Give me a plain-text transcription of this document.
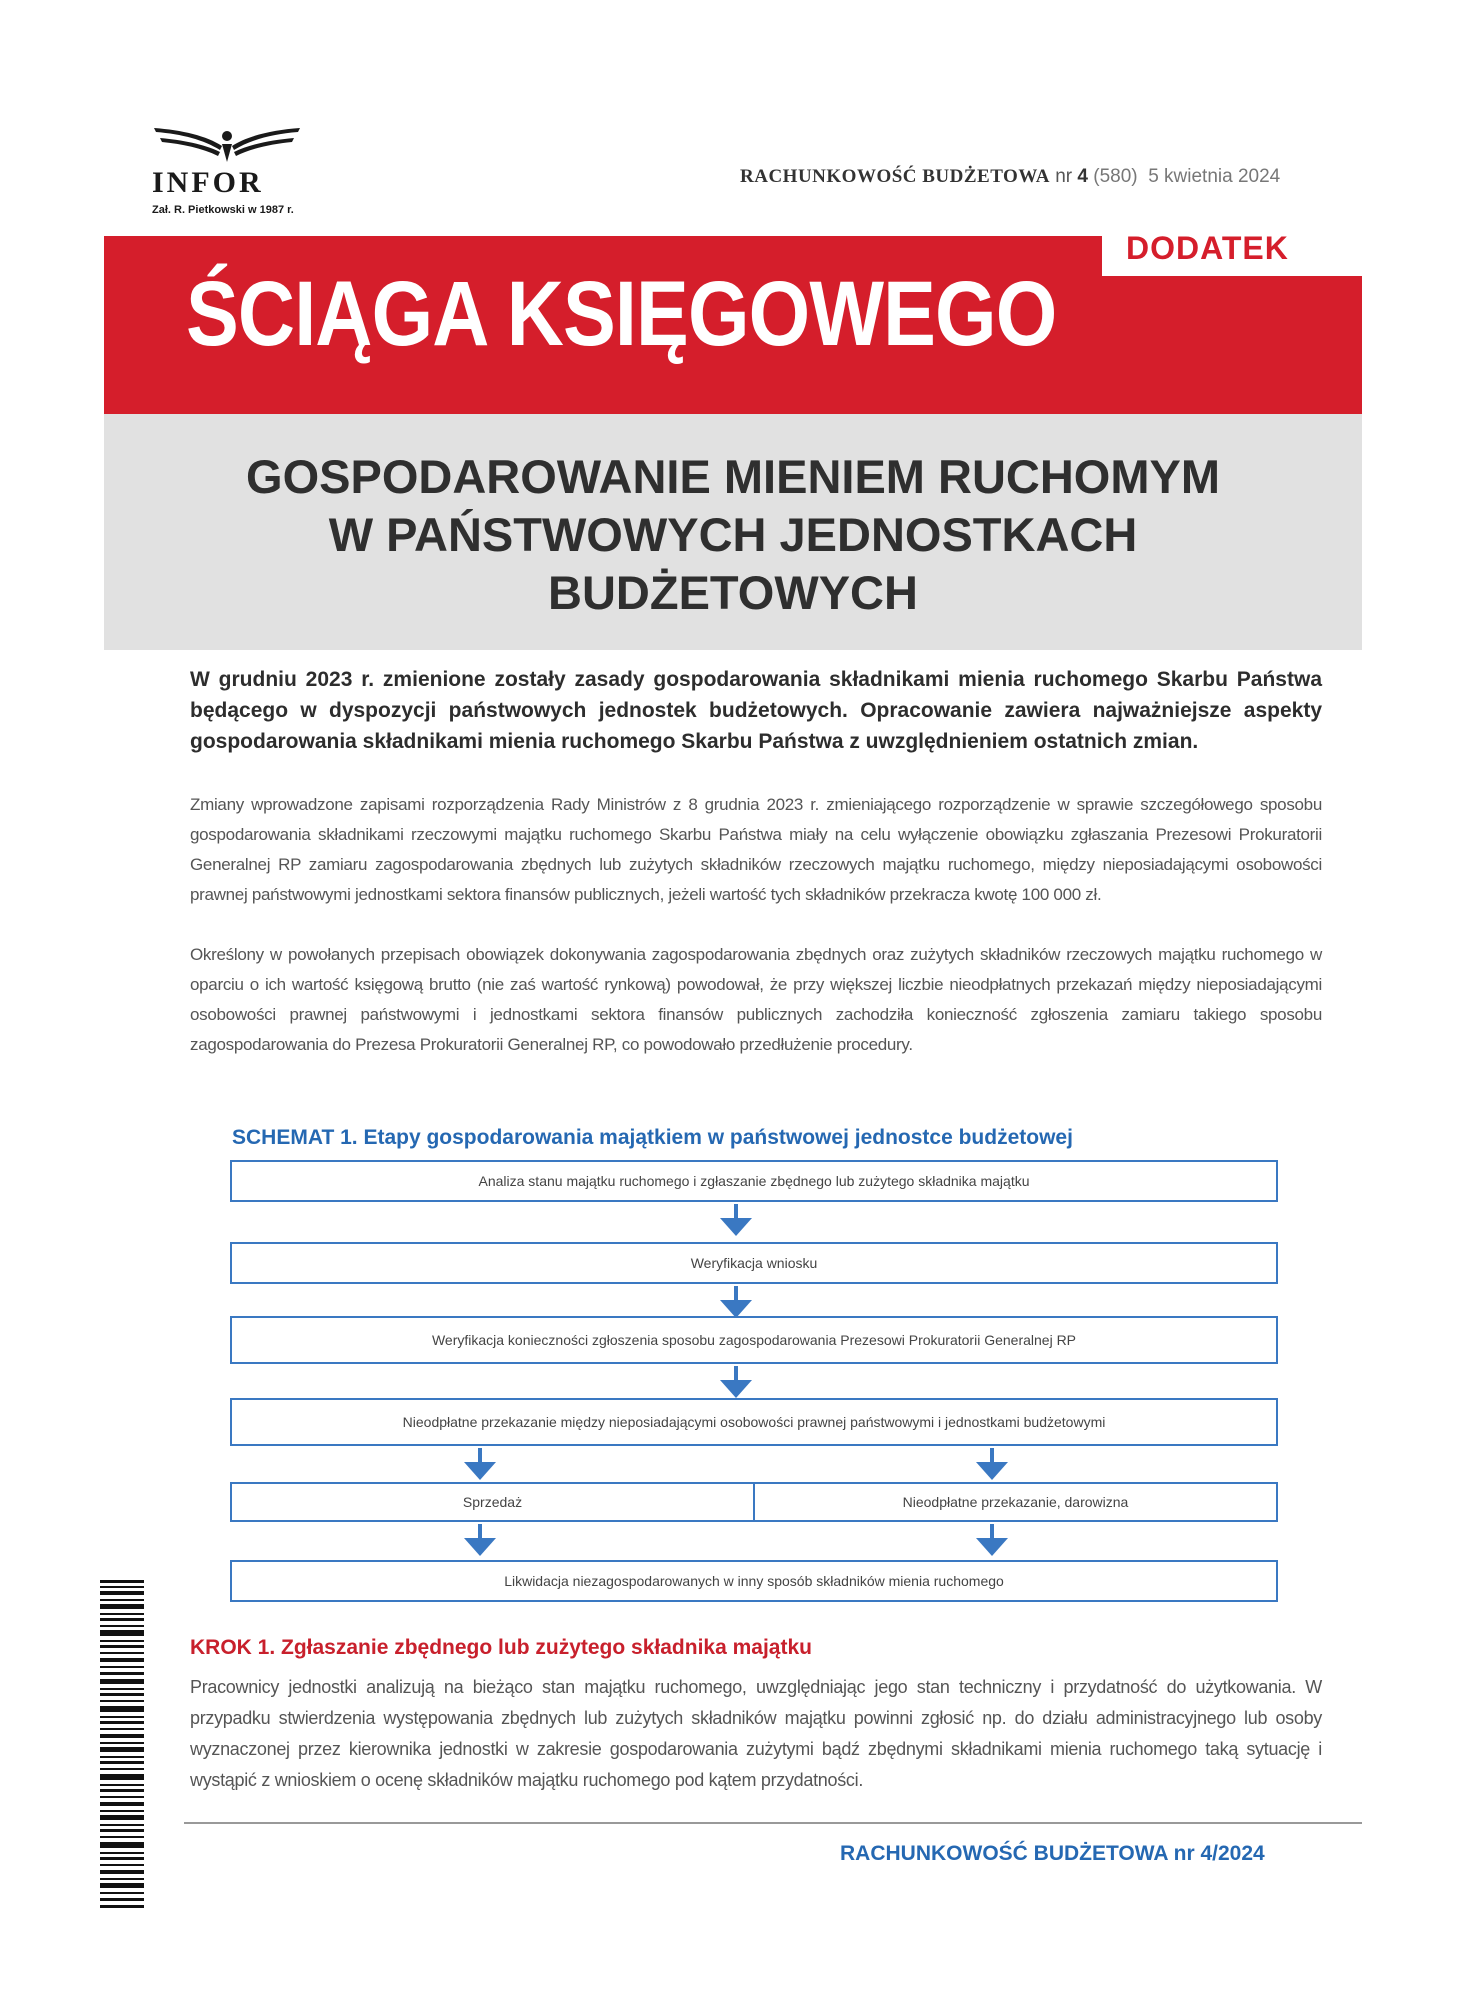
INFOR
Zał. R. Pietkowski w 1987 r.
RACHUNKOWOŚĆ BUDŻETOWA nr 4 (580) 5 kwietnia 2024
DODATEK
ŚCIĄGA KSIĘGOWEGO
GOSPODAROWANIE MIENIEM RUCHOMYM
W PAŃSTWOWYCH JEDNOSTKACH
BUDŻETOWYCH
W grudniu 2023 r. zmienione zostały zasady gospodarowania składnikami mienia ruchomego Skarbu Państwa będącego w dyspozycji państwowych jednostek budżetowych. Opracowanie zawiera najważniejsze aspekty gospodarowania składnikami mienia ruchomego Skarbu Państwa z uwzględnieniem ostatnich zmian.
Zmiany wprowadzone zapisami rozporządzenia Rady Ministrów z 8 grudnia 2023 r. zmieniającego rozporządzenie w sprawie szczegółowego sposobu gospodarowania składnikami rzeczowymi majątku ruchomego Skarbu Państwa miały na celu wyłączenie obowiązku zgłaszania Prezesowi Prokuratorii Generalnej RP zamiaru zagospodarowania zbędnych lub zużytych składników rzeczowych majątku ruchomego, między nieposiadającymi osobowości prawnej państwowymi jednostkami sektora finansów publicznych, jeżeli wartość tych składników przekracza kwotę 100 000 zł.
Określony w powołanych przepisach obowiązek dokonywania zagospodarowania zbędnych oraz zużytych składników rzeczowych majątku ruchomego w oparciu o ich wartość księgową brutto (nie zaś wartość rynkową) powodował, że przy większej liczbie nieodpłatnych przekazań między nieposiadającymi osobowości prawnej państwowymi i jednostkami sektora finansów publicznych zachodziła konieczność zgłoszenia zamiaru takiego sposobu zagospodarowania do Prezesa Prokuratorii Generalnej RP, co powodowało przedłużenie procedury.
SCHEMAT 1. Etapy gospodarowania majątkiem w państwowej jednostce budżetowej
Analiza stanu majątku ruchomego i zgłaszanie zbędnego lub zużytego składnika majątku
Weryfikacja wniosku
Weryfikacja konieczności zgłoszenia sposobu zagospodarowania Prezesowi Prokuratorii Generalnej RP
Nieodpłatne przekazanie między nieposiadającymi osobowości prawnej państwowymi i jednostkami budżetowymi
Sprzedaż	Nieodpłatne przekazanie, darowizna
Likwidacja niezagospodarowanych w inny sposób składników mienia ruchomego
KROK 1. Zgłaszanie zbędnego lub zużytego składnika majątku
Pracownicy jednostki analizują na bieżąco stan majątku ruchomego, uwzględniając jego stan techniczny i przydatność do użytkowania. W przypadku stwierdzenia występowania zbędnych lub zużytych składników majątku powinni zgłosić np. do działu administracyjnego lub osoby wyznaczonej przez kierownika jednostki w zakresie gospodarowania zużytymi bądź zbędnymi składnikami mienia ruchomego taką sytuację i wystąpić z wnioskiem o ocenę składników majątku ruchomego pod kątem przydatności.
RACHUNKOWOŚĆ BUDŻETOWA nr 4/2024
